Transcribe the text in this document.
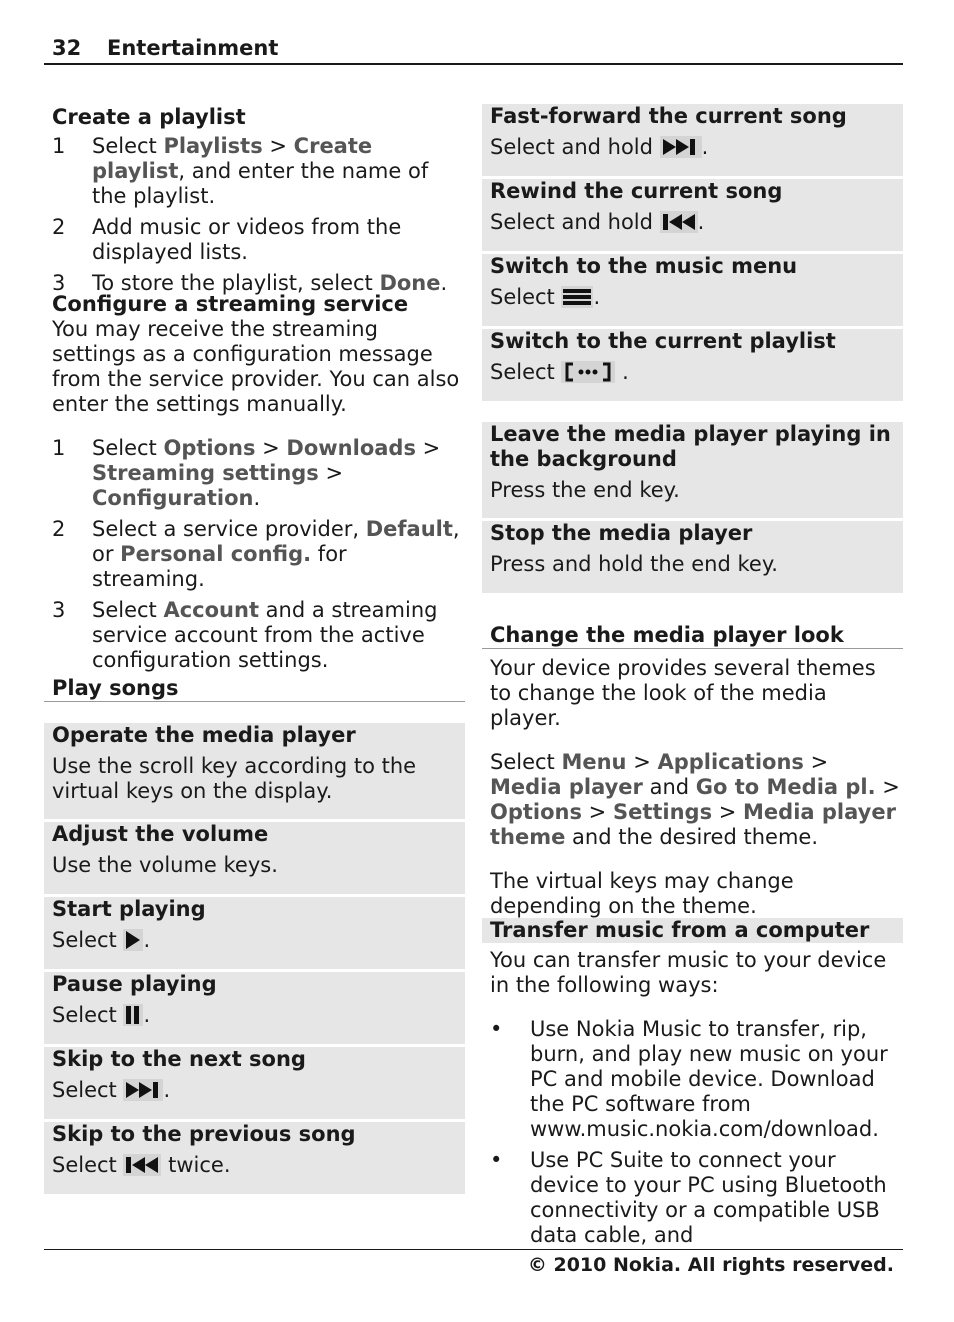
32 Entertainment
Create a playlist
1 Select Playlists > Create playlist, and enter the name of the playlist.
2 Add music or videos from the displayed lists.
3 To store the playlist, select Done.
Configure a streaming service

You may receive the streaming settings as a configuration message from the service provider. You can also enter the settings manually.

1 Select Options > Downloads > Streaming settings > Configuration.
2 Select a service provider, Default, or Personal config. for streaming.
3 Select Account and a streaming service account from the active configuration settings.
Play songs
Operate the media player
Use the scroll key according to the virtual keys on the display.
Adjust the volume
Use the volume keys.
Start playing
Select .
Pause playing
Select .
Skip to the next song
Select .
Skip to the previous song
Select  twice.
Fast-forward the current song
Select and hold .
Rewind the current song
Select and hold .
Switch to the music menu
Select .
Switch to the current playlist
Select	.
Leave the media player playing in the background
Press the end key.
Stop the media player
Press and hold the end key.
Change the media player look

Your device provides several themes to change the look of the media player.

Select Menu > Applications > Media player and Go to Media pl. > Options > Settings > Media player theme and the desired theme.

The virtual keys may change depending on the theme.

Transfer music from a computer

You can transfer music to your device in the following ways:

• Use Nokia Music to transfer, rip, burn, and play new music on your PC and mobile device. Download the PC software from www.music.nokia.com/download.
• Use PC Suite to connect your device to your PC using Bluetooth connectivity or a compatible USB data cable, and
© 2010 Nokia. All rights reserved.
